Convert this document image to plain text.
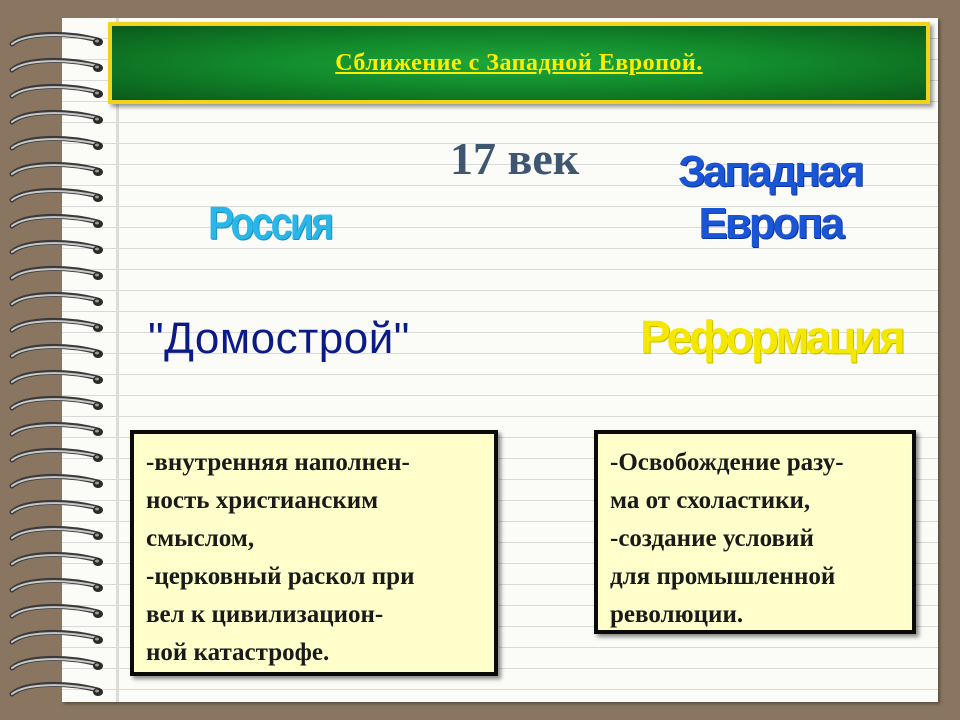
Сближение с Западной Европой.
17 век
Россия
Западная
Европа
"Домострой"	Реформация
-внутренняя наполнен-
ность христианским
смыслом,
-церковный раскол при
вел к цивилизацион-
ной катастрофе.
-Освобождение разу-
ма от схоластики,
-создание условий
для промышленной
революции.
